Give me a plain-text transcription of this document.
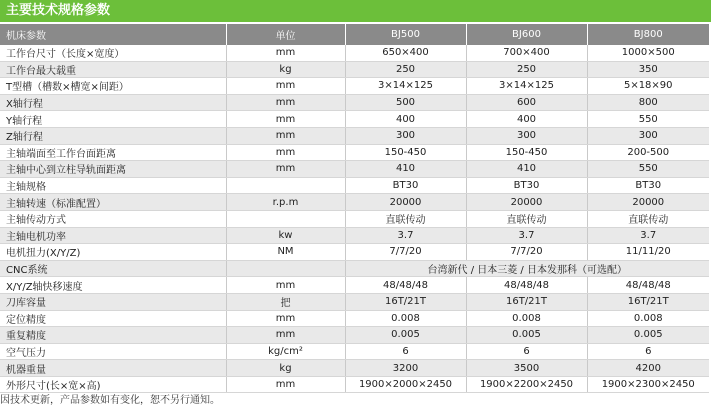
主要技术规格参数
机床参数	单位	BJ500	BJ600	BJ800
工作台尺寸（长度×宽度）	mm	650×400	700×400	1000×500
工作台最大载重	kg	250	250	350
T型槽（槽数×槽宽×间距）	mm	3×14×125	3×14×125	5×18×90
X轴行程	mm	500	600	800
Y轴行程	mm	400	400	550
Z轴行程	mm	300	300	300
主轴端面至工作台面距离	mm	150-450	150-450	200-500
主轴中心到立柱导轨面距离	mm	410	410	550
主轴规格		BT30	BT30	BT30
主轴转速（标准配置）	r.p.m	20000	20000	20000
主轴传动方式		直联传动	直联传动	直联传动
主轴电机功率	kw	3.7	3.7	3.7
电机扭力(X/Y/Z)	NM	7/7/20	7/7/20	11/11/20
CNC系统		台湾新代 / 日本三菱 / 日本发那科（可选配）		
X/Y/Z轴快移速度	mm	48/48/48	48/48/48	48/48/48
刀库容量	把	16T/21T	16T/21T	16T/21T
定位精度	mm	0.008	0.008	0.008
重复精度	mm	0.005	0.005	0.005
空气压力	kg/cm²	6	6	6
机器重量	kg	3200	3500	4200
外形尺寸(长×宽×高)	mm	1900×2000×2450	1900×2200×2450	1900×2300×2450
因技术更新，产品参数如有变化，恕不另行通知。
